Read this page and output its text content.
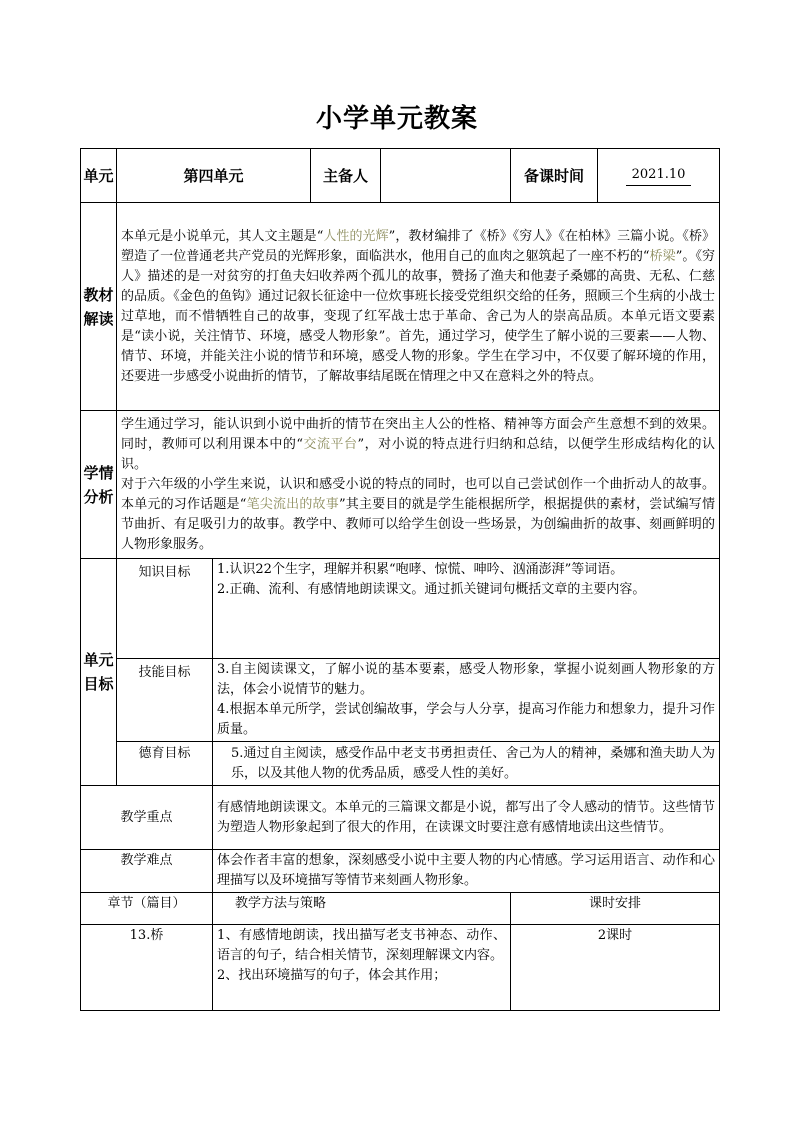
小学单元教案
单元	第四单元		主备人		备课时间	2021.10
教材解读	本单元是小说单元，其人文主题是“人性的光辉”，教材编排了《桥》《穷人》《在柏林》三篇小说。《桥》塑造了一位普通老共产党员的光辉形象，面临洪水，他用自己的血肉之躯筑起了一座不朽的“桥梁”。《穷人》描述的是一对贫穷的打鱼夫妇收养两个孤儿的故事，赞扬了渔夫和他妻子桑娜的高贵、无私、仁慈的品质。《金色的鱼钩》通过记叙长征途中一位炊事班长接受党组织交给的任务，照顾三个生病的小战士过草地，而不惜牺牲自己的故事，变现了红军战士忠于革命、舍己为人的崇高品质。本单元语文要素是“读小说，关注情节、环境，感受人物形象”。首先，通过学习，使学生了解小说的三要素——人物、情节、环境，并能关注小说的情节和环境，感受人物的形象。学生在学习中，不仅要了解环境的作用，还要进一步感受小说曲折的情节，了解故事结尾既在情理之中又在意料之外的特点。					
学情分析	学生通过学习，能认识到小说中曲折的情节在突出主人公的性格、精神等方面会产生意想不到的效果。同时，教师可以利用课本中的“交流平台”，对小说的特点进行归纳和总结，以便学生形成结构化的认识。
对于六年级的小学生来说，认识和感受小说的特点的同时，也可以自己尝试创作一个曲折动人的故事。本单元的习作话题是“笔尖流出的故事”其主要目的就是学生能根据所学，根据提供的素材，尝试编写情节曲折、有足吸引力的故事。教学中、教师可以给学生创设一些场景，为创编曲折的故事、刻画鲜明的人物形象服务。					

单元目标	知识目标	1.认识22个生字，理解并积累“咆哮、惊慌、呻吟、汹涌澎湃”等词语。
2.正确、流利、有感情地朗读课文。通过抓关键词句概括文章的主要内容。				

	技能目标	3.自主阅读课文，了解小说的基本要素，感受人物形象，掌握小说刻画人物形象的方法，体会小说情节的魅力。
4.根据本单元所学，尝试创编故事，学会与人分享，提高习作能力和想象力，提升习作质量。				

	德育目标	5.通过自主阅读，感受作品中老支书勇担责任、舍己为人的精神，桑娜和渔夫助人为乐，以及其他人物的优秀品质，感受人性的美好。				

教学重点		有感情地朗读课文。本单元的三篇课文都是小说，都写出了令人感动的情节。这些情节为塑造人物形象起到了很大的作用，在读课文时要注意有感情地读出这些情节。				
教学难点		体会作者丰富的想象，深刻感受小说中主要人物的内心情感。学习运用语言、动作和心理描写以及环境描写等情节来刻画人物形象。				
章节（篇目）		教学方法与策略			课时安排	
13.桥		1、有感情地朗读，找出描写老支书神态、动作、语言的句子，结合相关情节，深刻理解课文内容。
2、找出环境描写的句子，体会其作用；			2课时	
